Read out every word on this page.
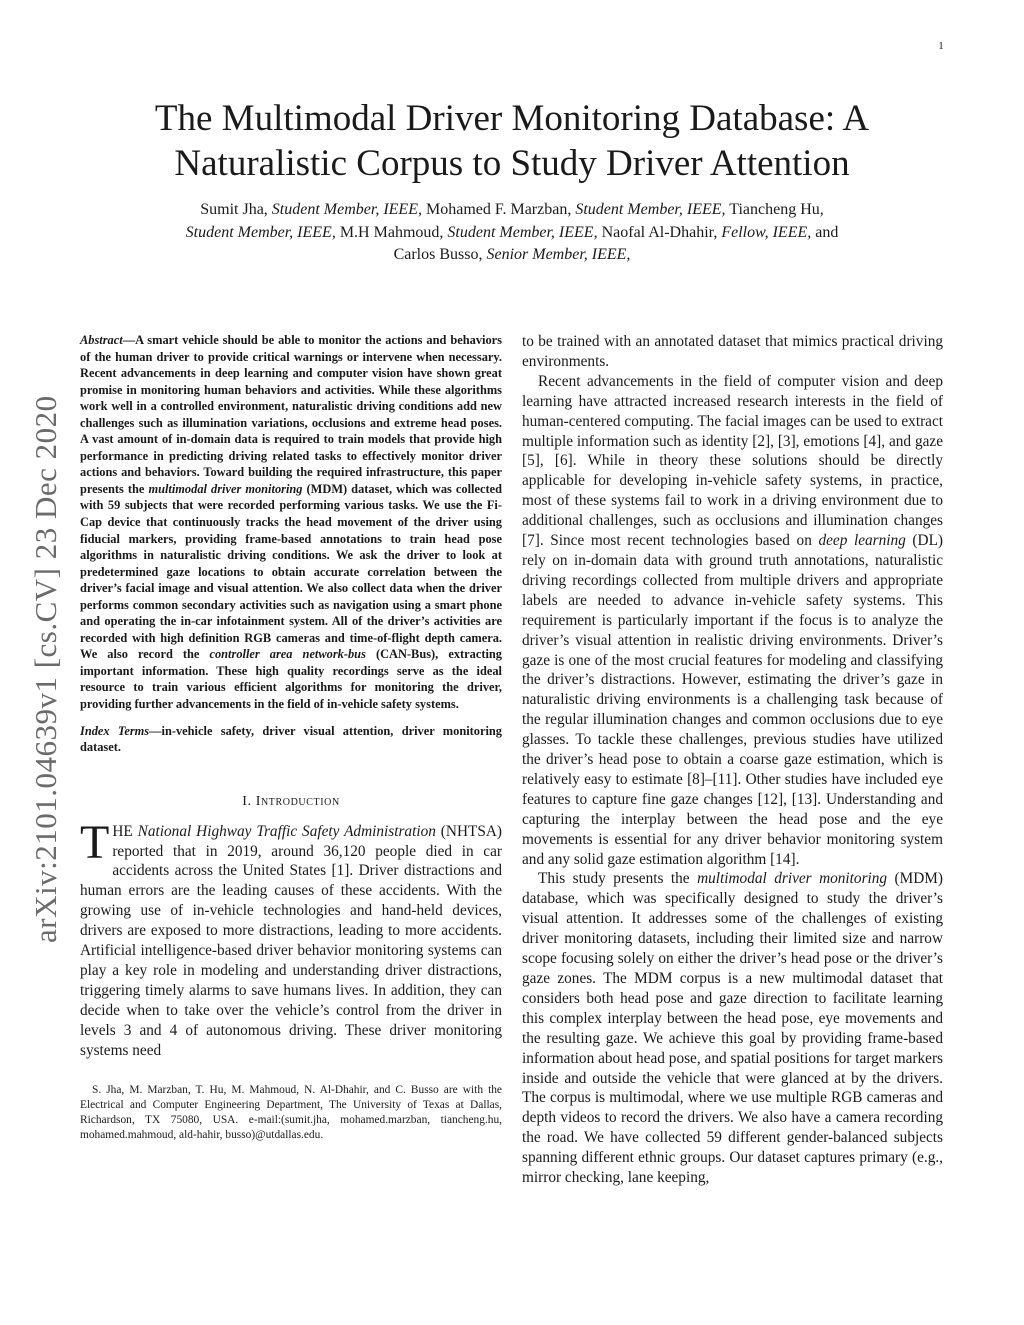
1
arXiv:2101.04639v1 [cs.CV] 23 Dec 2020
The Multimodal Driver Monitoring Database: A
Naturalistic Corpus to Study Driver Attention
Sumit Jha, Student Member, IEEE, Mohamed F. Marzban, Student Member, IEEE, Tiancheng Hu,
Student Member, IEEE, M.H Mahmoud, Student Member, IEEE, Naofal Al-Dhahir, Fellow, IEEE, and
Carlos Busso, Senior Member, IEEE,

Abstract—A smart vehicle should be able to monitor the actions and behaviors of the human driver to provide critical warnings or intervene when necessary. Recent advancements in deep learning and computer vision have shown great promise in monitoring human behaviors and activities. While these algorithms work well in a controlled environment, naturalistic driving conditions add new challenges such as illumination variations, occlusions and extreme head poses. A vast amount of in-domain data is required to train models that provide high performance in predicting driving related tasks to effectively monitor driver actions and behaviors. Toward building the required infrastructure, this paper presents the multimodal driver monitoring (MDM) dataset, which was collected with 59 subjects that were recorded performing various tasks. We use the Fi-Cap device that continuously tracks the head movement of the driver using fiducial markers, providing frame-based annotations to train head pose algorithms in naturalistic driving conditions. We ask the driver to look at predetermined gaze locations to obtain accurate correlation between the driver’s facial image and visual attention. We also collect data when the driver performs common secondary activities such as navigation using a smart phone and operating the in-car infotainment system. All of the driver’s activities are recorded with high definition RGB cameras and time-of-flight depth camera. We also record the controller area network-bus (CAN-Bus), extracting important information. These high quality recordings serve as the ideal resource to train various efficient algorithms for monitoring the driver, providing further advancements in the field of in-vehicle safety systems.

Index Terms—in-vehicle safety, driver visual attention, driver monitoring dataset.

I. Introduction

THE National Highway Traffic Safety Administration (NHTSA) reported that in 2019, around 36,120 people died in car accidents across the United States [1]. Driver distractions and human errors are the leading causes of these accidents. With the growing use of in-vehicle technologies and hand-held devices, drivers are exposed to more distractions, leading to more accidents. Artificial intelligence-based driver behavior monitoring systems can play a key role in modeling and understanding driver distractions, triggering timely alarms to save humans lives. In addition, they can decide when to take over the vehicle’s control from the driver in levels 3 and 4 of autonomous driving. These driver monitoring systems need

S. Jha, M. Marzban, T. Hu, M. Mahmoud, N. Al-Dhahir, and C. Busso are with the Electrical and Computer Engineering Department, The University of Texas at Dallas, Richardson, TX 75080, USA. e-mail:(sumit.jha, mohamed.marzban, tiancheng.hu, mohamed.mahmoud, ald-hahir, busso)@utdallas.edu.

to be trained with an annotated dataset that mimics practical driving environments.

Recent advancements in the field of computer vision and deep learning have attracted increased research interests in the field of human-centered computing. The facial images can be used to extract multiple information such as identity [2], [3], emotions [4], and gaze [5], [6]. While in theory these solutions should be directly applicable for developing in-vehicle safety systems, in practice, most of these systems fail to work in a driving environment due to additional challenges, such as occlusions and illumination changes [7]. Since most recent technologies based on deep learning (DL) rely on in-domain data with ground truth annotations, naturalistic driving recordings collected from multiple drivers and appropriate labels are needed to advance in-vehicle safety systems. This requirement is particularly important if the focus is to analyze the driver’s visual attention in realistic driving environments. Driver’s gaze is one of the most crucial features for modeling and classifying the driver’s distractions. However, estimating the driver’s gaze in naturalistic driving environments is a challenging task because of the regular illumination changes and common occlusions due to eye glasses. To tackle these challenges, previous studies have utilized the driver’s head pose to obtain a coarse gaze estimation, which is relatively easy to estimate [8]–[11]. Other studies have included eye features to capture fine gaze changes [12], [13]. Understanding and capturing the interplay between the head pose and the eye movements is essential for any driver behavior monitoring system and any solid gaze estimation algorithm [14].

This study presents the multimodal driver monitoring (MDM) database, which was specifically designed to study the driver’s visual attention. It addresses some of the challenges of existing driver monitoring datasets, including their limited size and narrow scope focusing solely on either the driver’s head pose or the driver’s gaze zones. The MDM corpus is a new multimodal dataset that considers both head pose and gaze direction to facilitate learning this complex interplay between the head pose, eye movements and the resulting gaze. We achieve this goal by providing frame-based information about head pose, and spatial positions for target markers inside and outside the vehicle that were glanced at by the drivers. The corpus is multimodal, where we use multiple RGB cameras and depth videos to record the drivers. We also have a camera recording the road. We have collected 59 different gender-balanced subjects spanning different ethnic groups. Our dataset captures primary (e.g., mirror checking, lane keeping,
